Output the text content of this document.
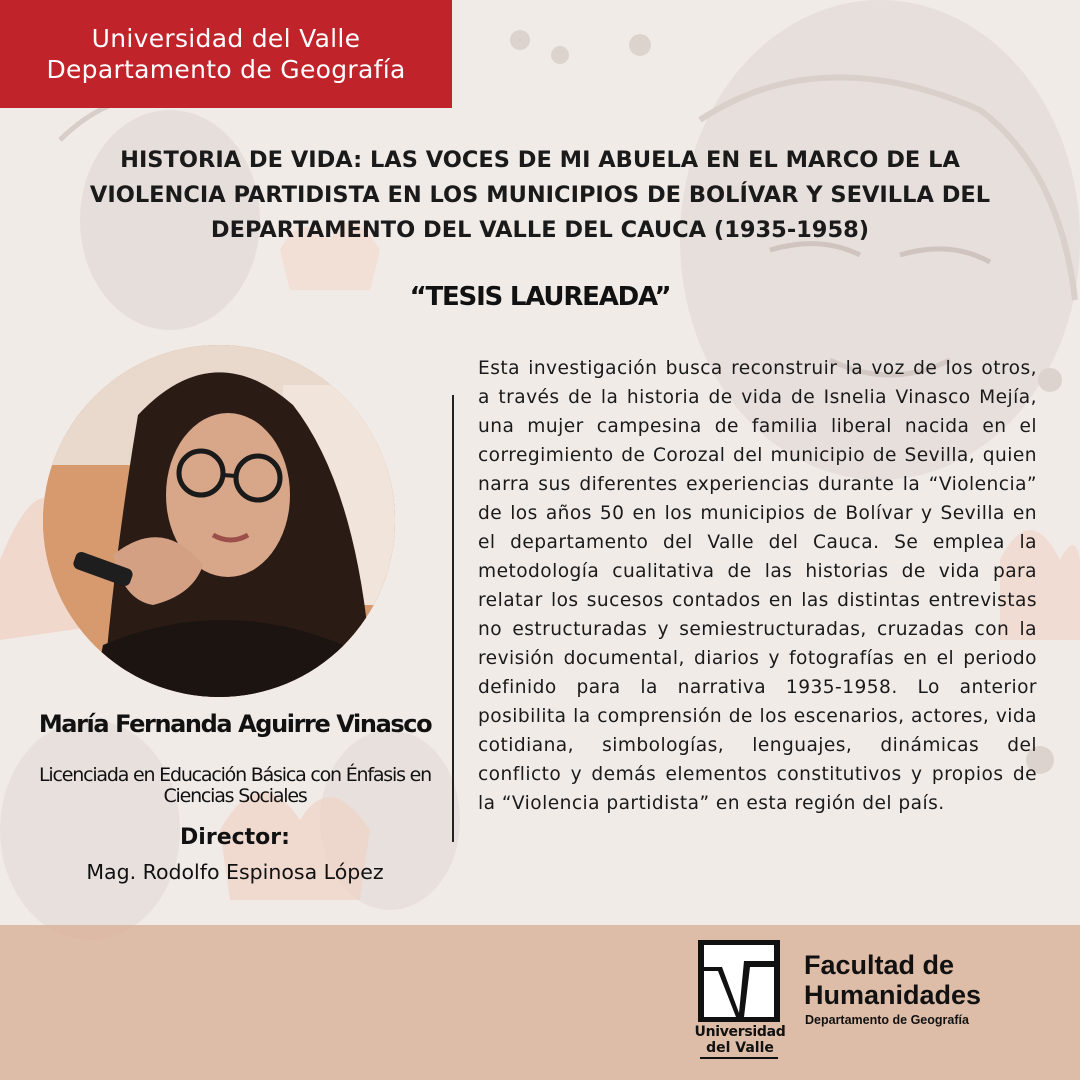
Universidad del Valle
Departamento de Geografía
HISTORIA DE VIDA: LAS VOCES DE MI ABUELA EN EL MARCO DE LA VIOLENCIA PARTIDISTA EN LOS MUNICIPIOS DE BOLÍVAR Y SEVILLA DEL DEPARTAMENTO DEL VALLE DEL CAUCA (1935-1958)
“TESIS LAUREADA”
María Fernanda Aguirre Vinasco
Licenciada en Educación Básica con Énfasis en Ciencias Sociales
Director:
Mag. Rodolfo Espinosa López

Esta investigación busca reconstruir la voz de los otros, a través de la historia de vida de Isnelia Vinasco Mejía, una mujer campesina de familia liberal nacida en el corregimiento de Corozal del municipio de Sevilla, quien narra sus diferentes experiencias durante la “Violencia” de los años 50 en los municipios de Bolívar y Sevilla en el departamento del Valle del Cauca. Se emplea la metodología cualitativa de las historias de vida para relatar los sucesos contados en las distintas entrevistas no estructuradas y semiestructuradas, cruzadas con la revisión documental, diarios y fotografías en el periodo definido para la narrativa 1935-1958. Lo anterior posibilita la comprensión de los escenarios, actores, vida cotidiana, simbologías, lenguajes, dinámicas del conflicto y demás elementos constitutivos y propios de la “Violencia partidista” en esta región del país.

Universidad
del Valle
Facultad de Humanidades
Departamento de Geografía
